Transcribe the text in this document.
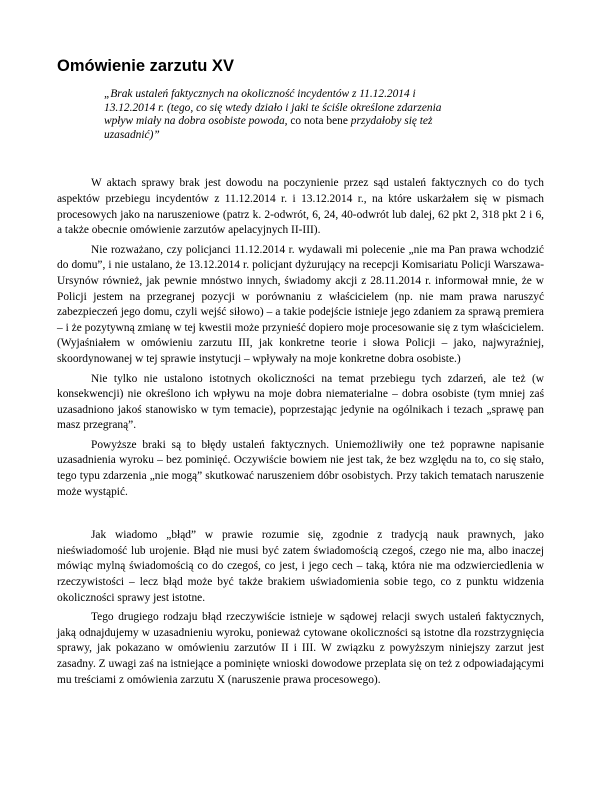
Omówienie zarzutu XV
„Brak ustaleń faktycznych na okoliczność incydentów z 11.12.2014 i 13.12.2014 r. (tego, co się wtedy działo i jaki te ściśle określone zdarzenia wpływ miały na dobra osobiste powoda, co nota bene przydałoby się też uzasadnić)”

W aktach sprawy brak jest dowodu na poczynienie przez sąd ustaleń faktycznych co do tych aspektów przebiegu incydentów z 11.12.2014 r. i 13.12.2014 r., na które uskarżałem się w pismach procesowych jako na naruszeniowe (patrz k. 2-odwrót, 6, 24, 40-odwrót lub dalej, 62 pkt 2, 318 pkt 2 i 6, a także obecnie omówienie zarzutów apelacyjnych II-III).

Nie rozważano, czy policjanci 11.12.2014 r. wydawali mi polecenie „nie ma Pan prawa wchodzić do domu”, i nie ustalano, że 13.12.2014 r. policjant dyżurujący na recepcji Komisariatu Policji Warszawa-Ursynów również, jak pewnie mnóstwo innych, świadomy akcji z 28.11.2014 r. informował mnie, że w Policji jestem na przegranej pozycji w porównaniu z właścicielem (np. nie mam prawa naruszyć zabezpieczeń jego domu, czyli wejść siłowo) – a takie podejście istnieje jego zdaniem za sprawą premiera – i że pozytywną zmianę w tej kwestii może przynieść dopiero moje procesowanie się z tym właścicielem. (Wyjaśniałem w omówieniu zarzutu III, jak konkretne teorie i słowa Policji – jako, najwyraźniej, skoordynowanej w tej sprawie instytucji – wpływały na moje konkretne dobra osobiste.)

Nie tylko nie ustalono istotnych okoliczności na temat przebiegu tych zdarzeń, ale też (w konsekwencji) nie określono ich wpływu na moje dobra niematerialne – dobra osobiste (tym mniej zaś uzasadniono jakoś stanowisko w tym temacie), poprzestając jedynie na ogólnikach i tezach „sprawę pan masz przegraną”.

Powyższe braki są to błędy ustaleń faktycznych. Uniemożliwiły one też poprawne napisanie uzasadnienia wyroku – bez pominięć. Oczywiście bowiem nie jest tak, że bez względu na to, co się stało, tego typu zdarzenia „nie mogą” skutkować naruszeniem dóbr osobistych. Przy takich tematach naruszenie może wystąpić.

Jak wiadomo „błąd” w prawie rozumie się, zgodnie z tradycją nauk prawnych, jako nieświadomość lub urojenie. Błąd nie musi być zatem świadomością czegoś, czego nie ma, albo inaczej mówiąc mylną świadomością co do czegoś, co jest, i jego cech – taką, która nie ma odzwierciedlenia w rzeczywistości – lecz błąd może być także brakiem uświadomienia sobie tego, co z punktu widzenia okoliczności sprawy jest istotne.

Tego drugiego rodzaju błąd rzeczywiście istnieje w sądowej relacji swych ustaleń faktycznych, jaką odnajdujemy w uzasadnieniu wyroku, ponieważ cytowane okoliczności są istotne dla rozstrzygnięcia sprawy, jak pokazano w omówieniu zarzutów II i III. W związku z powyższym niniejszy zarzut jest zasadny. Z uwagi zaś na istniejące a pominięte wnioski dowodowe przeplata się on też z odpowiadającymi mu treściami z omówienia zarzutu X (naruszenie prawa procesowego).
